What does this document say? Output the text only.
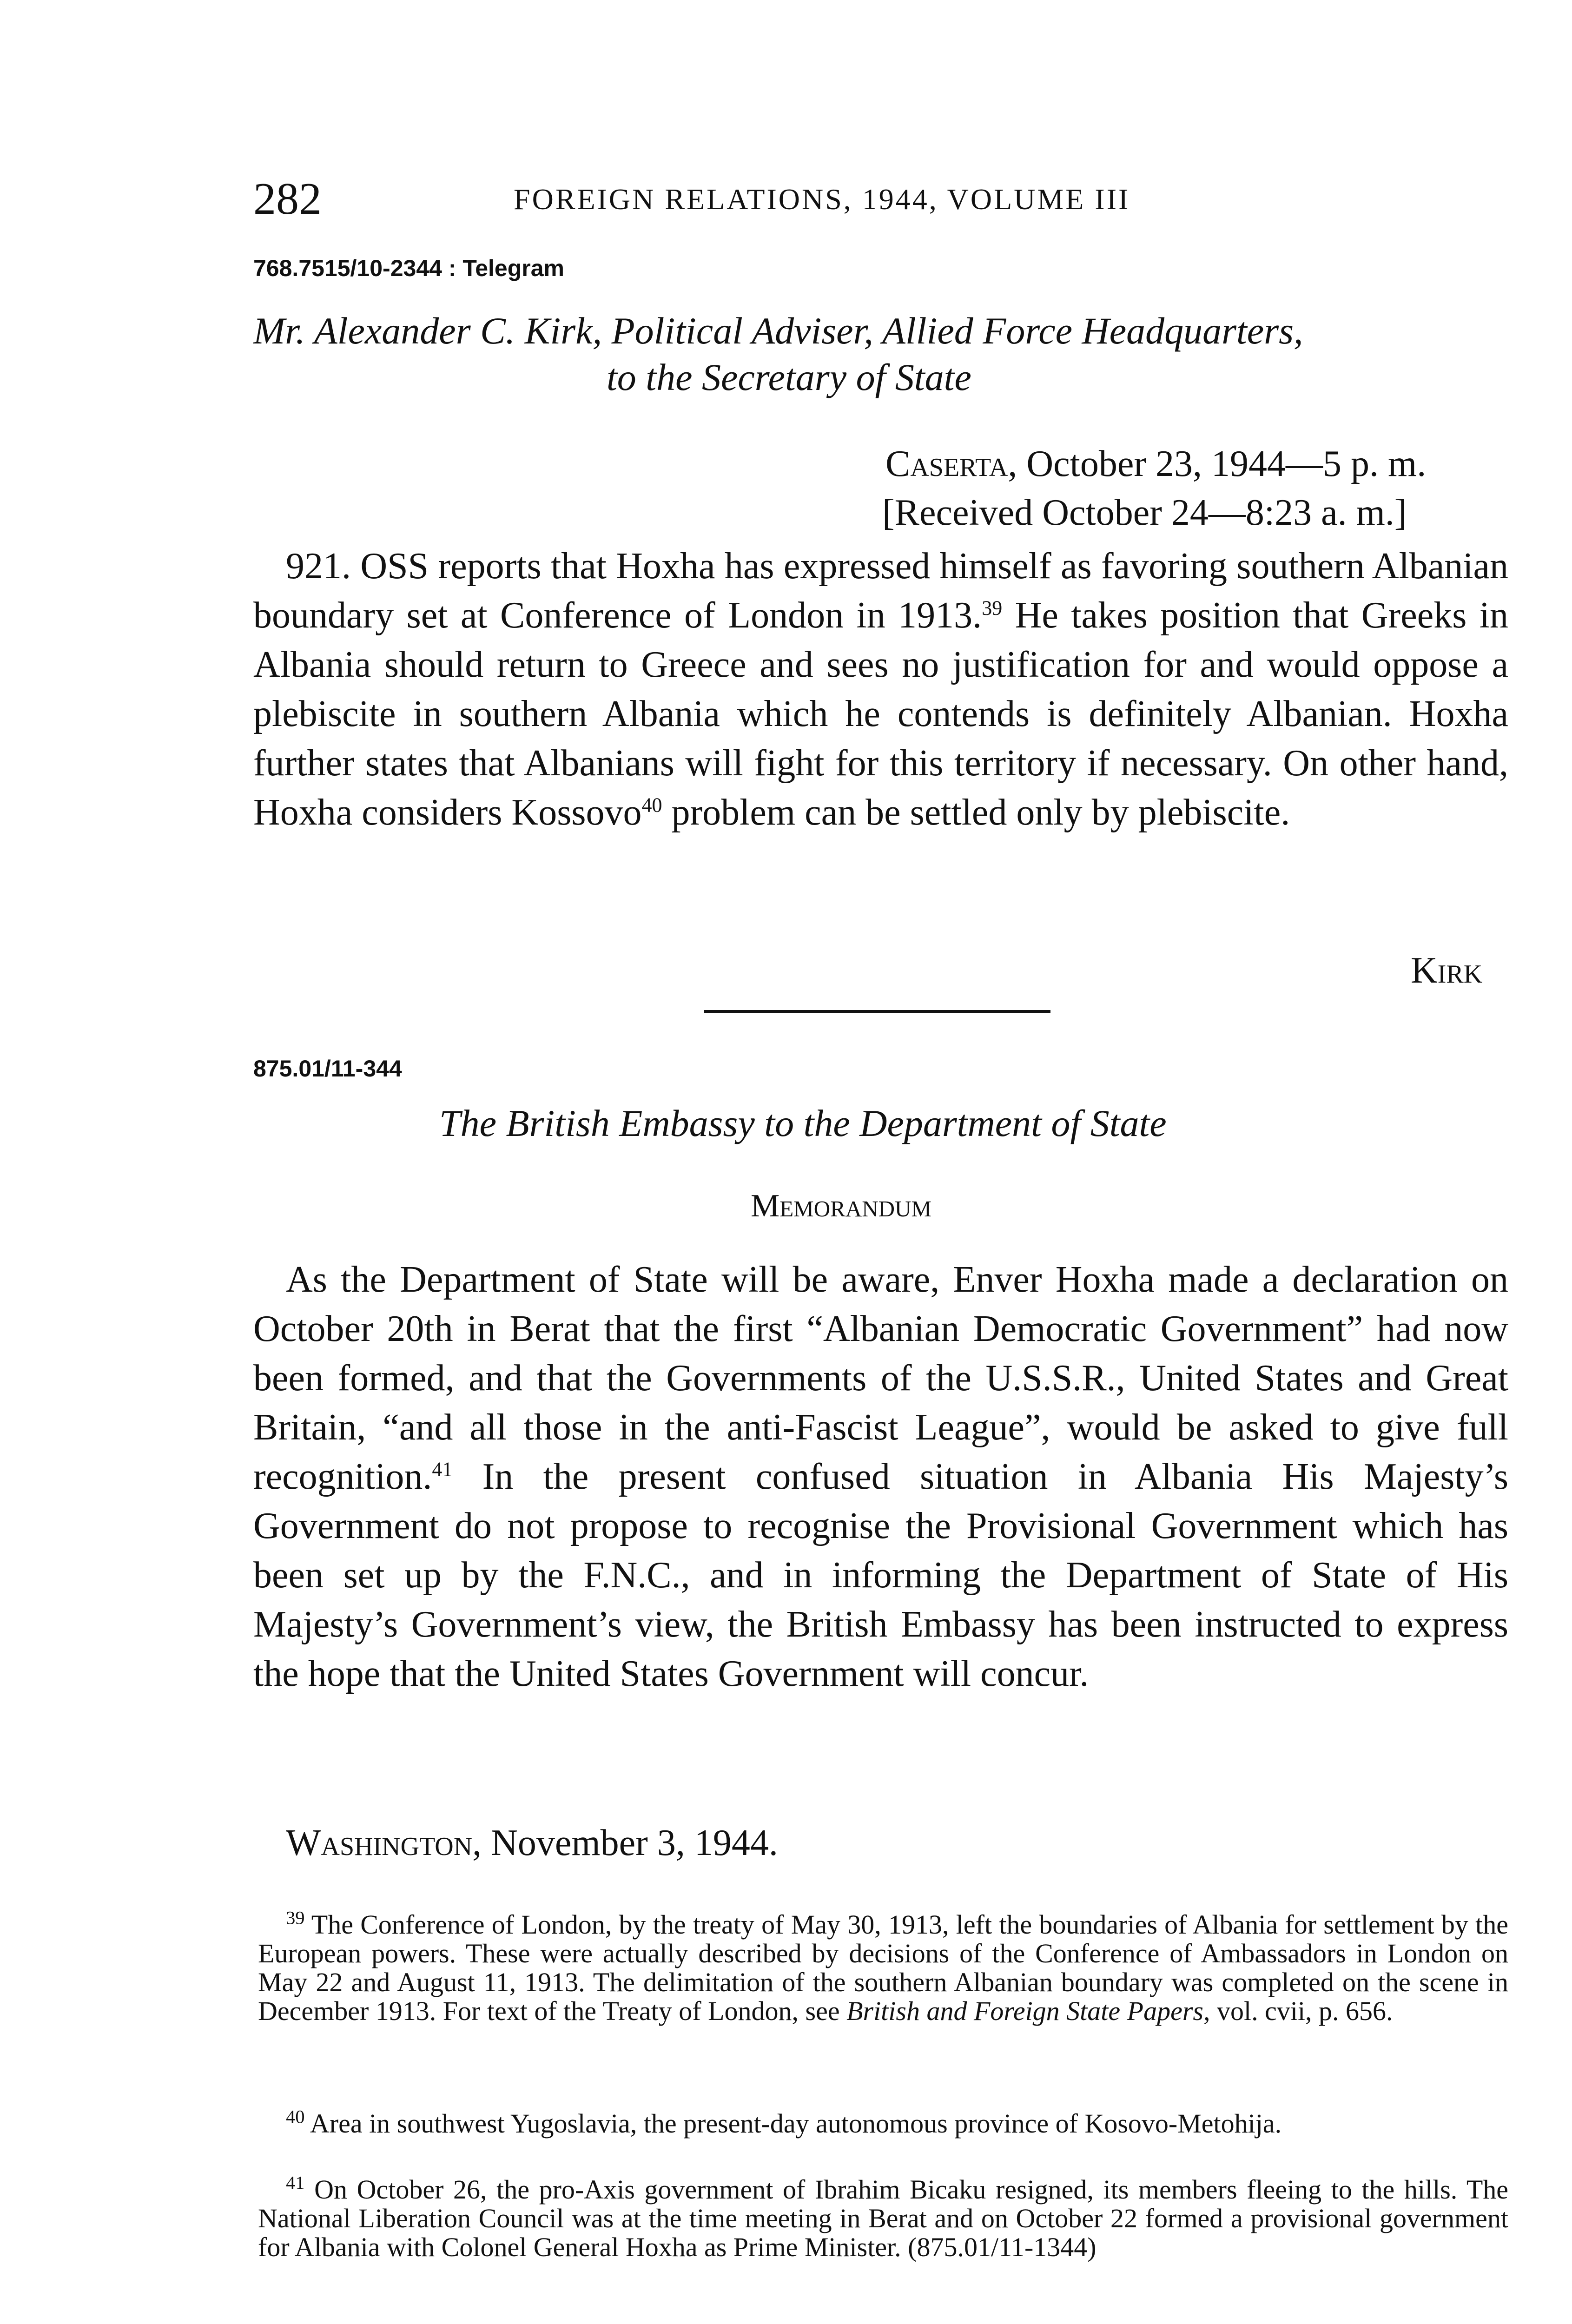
282	FOREIGN RELATIONS, 1944, VOLUME III
768.7515/10-2344 : Telegram
Mr. Alexander C. Kirk, Political Adviser, Allied Force Headquarters,
to the Secretary of State
Caserta, October 23, 1944—5 p. m.
[Received October 24—8:23 a. m.]
921. OSS reports that Hoxha has expressed himself as favoring southern Albanian boundary set at Conference of London in 1913.39 He takes position that Greeks in Albania should return to Greece and sees no justification for and would oppose a plebiscite in southern Albania which he contends is definitely Albanian. Hoxha further states that Albanians will fight for this territory if necessary. On other hand, Hoxha considers Kossovo$^{40}$ problem can be settled only by plebiscite.
Kirk
875.01/11-344
The British Embassy to the Department of State
Memorandum
As the Department of State will be aware, Enver Hoxha made a declaration on October 20th in Berat that the first “Albanian Democratic Government” had now been formed, and that the Governments of the U.S.S.R., United States and Great Britain, “and all those in the anti-Fascist League”, would be asked to give full recognition.$^{41}$ In the present confused situation in Albania His Majesty’s Government do not propose to recognise the Provisional Government which has been set up by the F.N.C., and in informing the Department of State of His Majesty’s Government’s view, the British Embassy has been instructed to express the hope that the United States Government will concur.
Washington, November 3, 1944.
$^{39}$ The Conference of London, by the treaty of May 30, 1913, left the boundaries of Albania for settlement by the European powers. These were actually described by decisions of the Conference of Ambassadors in London on May 22 and August 11, 1913. The delimitation of the southern Albanian boundary was completed on the scene in December 1913. For text of the Treaty of London, see British and Foreign State Papers, vol. cvii, p. 656.
$^{40}$ Area in southwest Yugoslavia, the present-day autonomous province of Kosovo-Metohija.
$^{41}$ On October 26, the pro-Axis government of Ibrahim Bicaku resigned, its members fleeing to the hills. The National Liberation Council was at the time meeting in Berat and on October 22 formed a provisional government for Albania with Colonel General Hoxha as Prime Minister. (875.01/11-1344)
